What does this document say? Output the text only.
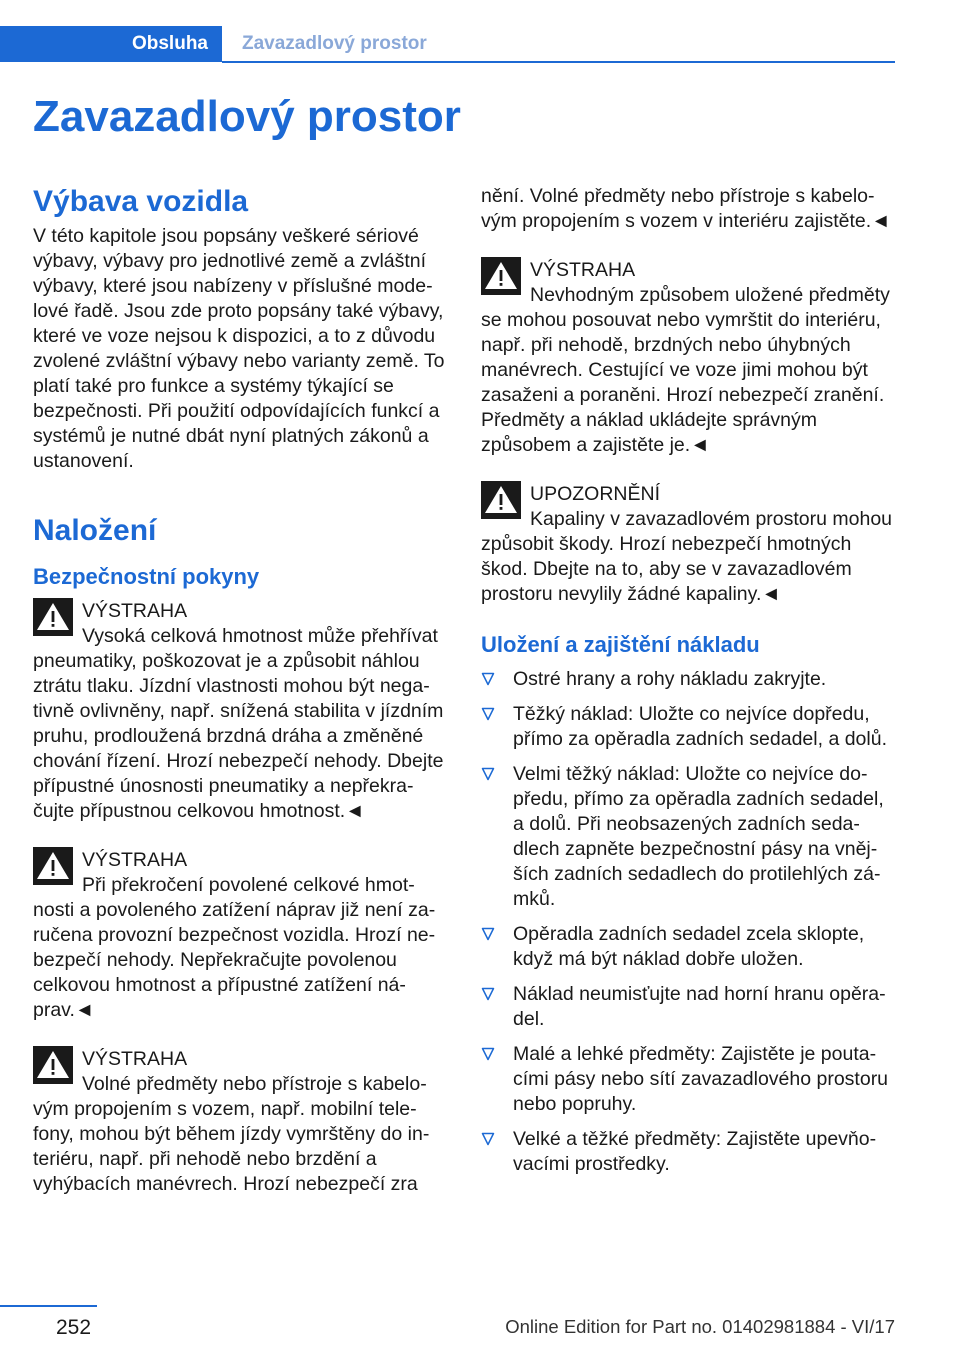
Obsluha	Zavazadlový prostor
Zavazadlový prostor
Výbava vozidla

V této kapitole jsou popsány veškeré sériové výbavy, výbavy pro jednotlivé země a zvláštní výbavy, které jsou nabízeny v příslušné modelové řadě. Jsou zde proto popsány také výbavy, které ve voze nejsou k dispozici, a to z důvodu zvolené zvláštní výbavy nebo varianty země. To platí také pro funkce a systémy týkající se bezpečnosti. Při použití odpovídajících funkcí a systémů je nutné dbát nyní platných zákonů a ustanovení.

Naložení
Bezpečnostní pokyny
VÝSTRAHA

Vysoká celková hmotnost může přehřívat pneumatiky, poškozovat je a způsobit náhlou ztrátu tlaku. Jízdní vlastnosti mohou být negativně ovlivněny, např. snížená stabilita v jízdním pruhu, prodloužená brzdná dráha a změněné chování řízení. Hrozí nebezpečí nehody. Dbejte přípustné únosnosti pneumatiky a nepřekračujte přípustnou celkovou hmotnost.◄

VÝSTRAHA

Při překročení povolené celkové hmotnosti a povoleného zatížení náprav již není zaručena provozní bezpečnost vozidla. Hrozí nebezpečí nehody. Nepřekračujte povolenou celkovou hmotnost a přípustné zatížení náprav.◄

VÝSTRAHA

Volné předměty nebo přístroje s kabelovým propojením s vozem, např. mobilní telefony, mohou být během jízdy vymrštěny do interiéru, např. při nehodě nebo brzdění a vyhýbacích manévrech. Hrozí nebezpečí zra

nění. Volné předměty nebo přístroje s kabelovým propojením s vozem v interiéru zajistěte.◄

VÝSTRAHA

Nevhodným způsobem uložené předměty se mohou posouvat nebo vymrštit do interiéru, např. při nehodě, brzdných nebo úhybných manévrech. Cestující ve voze jimi mohou být zasaženi a poraněni. Hrozí nebezpečí zranění. Předměty a náklad ukládejte správným způsobem a zajistěte je.◄

UPOZORNĚNÍ

Kapaliny v zavazadlovém prostoru mohou způsobit škody. Hrozí nebezpečí hmotných škod. Dbejte na to, aby se v zavazadlovém prostoru nevylily žádné kapaliny.◄

Uložení a zajištění nákladu
Ostré hrany a rohy nákladu zakryjte.
Těžký náklad: Uložte co nejvíce dopředu, přímo za opěradla zadních sedadel, a dolů.
Velmi těžký náklad: Uložte co nejvíce dopředu, přímo za opěradla zadních sedadel, a dolů. Při neobsazených zadních sedadlech zapněte bezpečnostní pásy na vnějších zadních sedadlech do protilehlých zámků.
Opěradla zadních sedadel zcela sklopte, když má být náklad dobře uložen.
Náklad neumisťujte nad horní hranu opěradel.
Malé a lehké předměty: Zajistěte je poutacími pásy nebo sítí zavazadlového prostoru nebo popruhy.
Velké a těžké předměty: Zajistěte upevňovacími prostředky.
252	Online Edition for Part no. 01402981884 - VI/17
